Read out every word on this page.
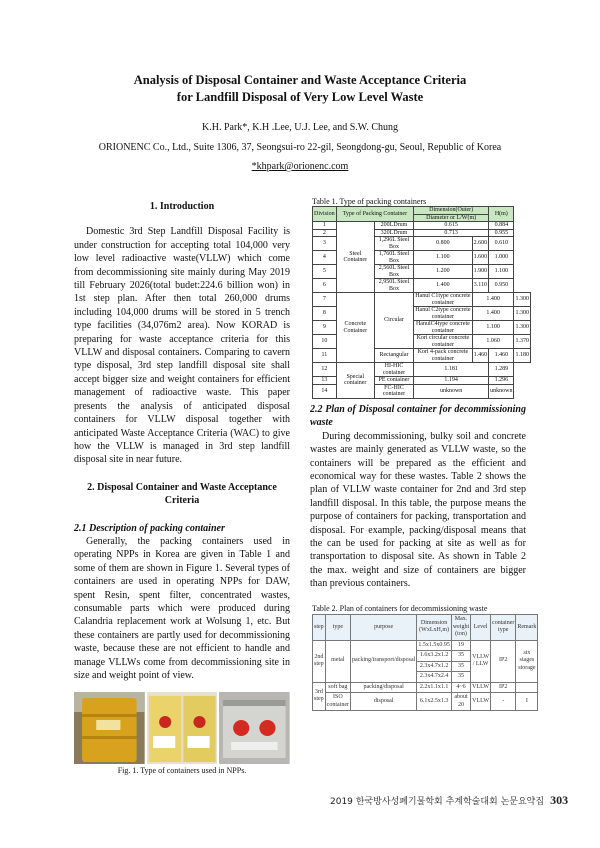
Analysis of Disposal Container and Waste Acceptance Criteria
for Landfill Disposal of Very Low Level Waste
K.H. Park*, K.H .Lee, U.J. Lee, and S.W. Chung
ORIONENC Co., Ltd., Suite 1306, 37, Seongsui-ro 22-gil, Seongdong-gu, Seoul, Republic of Korea
*khpark@orionenc.com
1. Introduction

Domestic 3rd Step Landfill Disposal Facility is under construction for accepting total 104,000 very low level radioactive waste(VLLW) which come from decommissioning site mainly during May 2019 till February 2026(total budet:224.6 billion won) in 1st step plan. After then total 260,000 drums including 104,000 drums will be stored in 5 trench type facilities (34,076m2 area). Now KORAD is preparing for waste acceptance criteria for this VLLW and disposal containers. Comparing to cavern type disposal, 3rd step landfill disposal site shall accept bigger size and weight containers for efficient management of radioactive waste. This paper presents the analysis of anticipated disposal containers for VLLW disposal together with anticipated Waste Acceptance Criteria (WAC) to give how the VLLW is managed in 3rd step landfill disposal site in near future.

2. Disposal Container and Waste Acceptance Criteria
2.1 Description of packing container

Generally, the packing containers used in operating NPPs in Korea are given in Table 1 and some of them are shown in Figure 1. Several types of containers are used in operating NPPs for DAW, spent Resin, spent filter, concentrated wastes, consumable parts which were produced during Calandria replacement work at Wolsung 1, etc. But these containers are partly used for decommissioning waste, because these are not efficient to handle and manage VLLWs come from decommissioning site in size and weight point of view.

Fig. 1. Type of containers used in NPPs.
Table 1. Type of packing containers
Division	Type of Packing Container		Dimension(Outer)		H(m)	
			Diameter or L/W(m)			
1	Steel Container	200LDrum	0.615		0.884	
2		320LDrum	0.713		0.955	
3		1,296L Steel Box	0.800	2.600	0.610	
4		1,760L Steel Box	1.100	1.600	1.000	
5		2,560L Steel Box	1.200	1.900	1.100	
6		2,950L Steel Box	1.400	3.110	0.950	
7	Concrete Container	Circular	Hanul C1type concrete container	1.400		1.300
8			Hanul C2type concrete container	1.400		1.300
9			HanulC4type concrete container	1.100		1.300
10			Kori circular concrete container	1.060		1.370
11		Rectangular	Kori 4-pack concrete container	1.460	1.460	1.180
12	Special container	HI-HIC container	1.181		1.289	
13		PE container	1.194		1.296	
14		FC-HIC container	unknown		unknown	
2.2 Plan of Disposal container for decommissioning waste

During decommissioning, bulky soil and concrete wastes are mainly generated as VLLW waste, so the containers will be prepared as the efficient and economical way for these wastes. Table 2 shows the plan of VLLW waste container for 2nd and 3rd step landfill disposal. In this table, the purpose means the purpose of containers for packing, transportation and disposal. For example, packing/disposal means that the can be used for packing at site as well as for transportation to disposal site. As shown in Table 2 the max. weight and size of containers are bigger than previous containers.

Table 2. Plan of containers for decommissioning waste
step	type	purpose	Dimension (WxLxH,m)	Max. weight (ton)	Level	container type	Remark
2nd step	metal	packing/transport/disposal	1.5x1.5x0.95	19	VLLW / LLW	IP2	six stages storage
			1.6x3.2x1.2	35			
			2.3x4.7x1.2	35			
			2.3x4.7x2.4	35			
3rd step	soft bag	packing/disposal	2.2x1.1x1.1	4~6	VLLW	IP2	
	ISO container	disposal	6.1x2.5x1.3	about 20	VLLW	-	I
2019 한국방사성폐기물학회 추계학술대회 논문요약집 303
